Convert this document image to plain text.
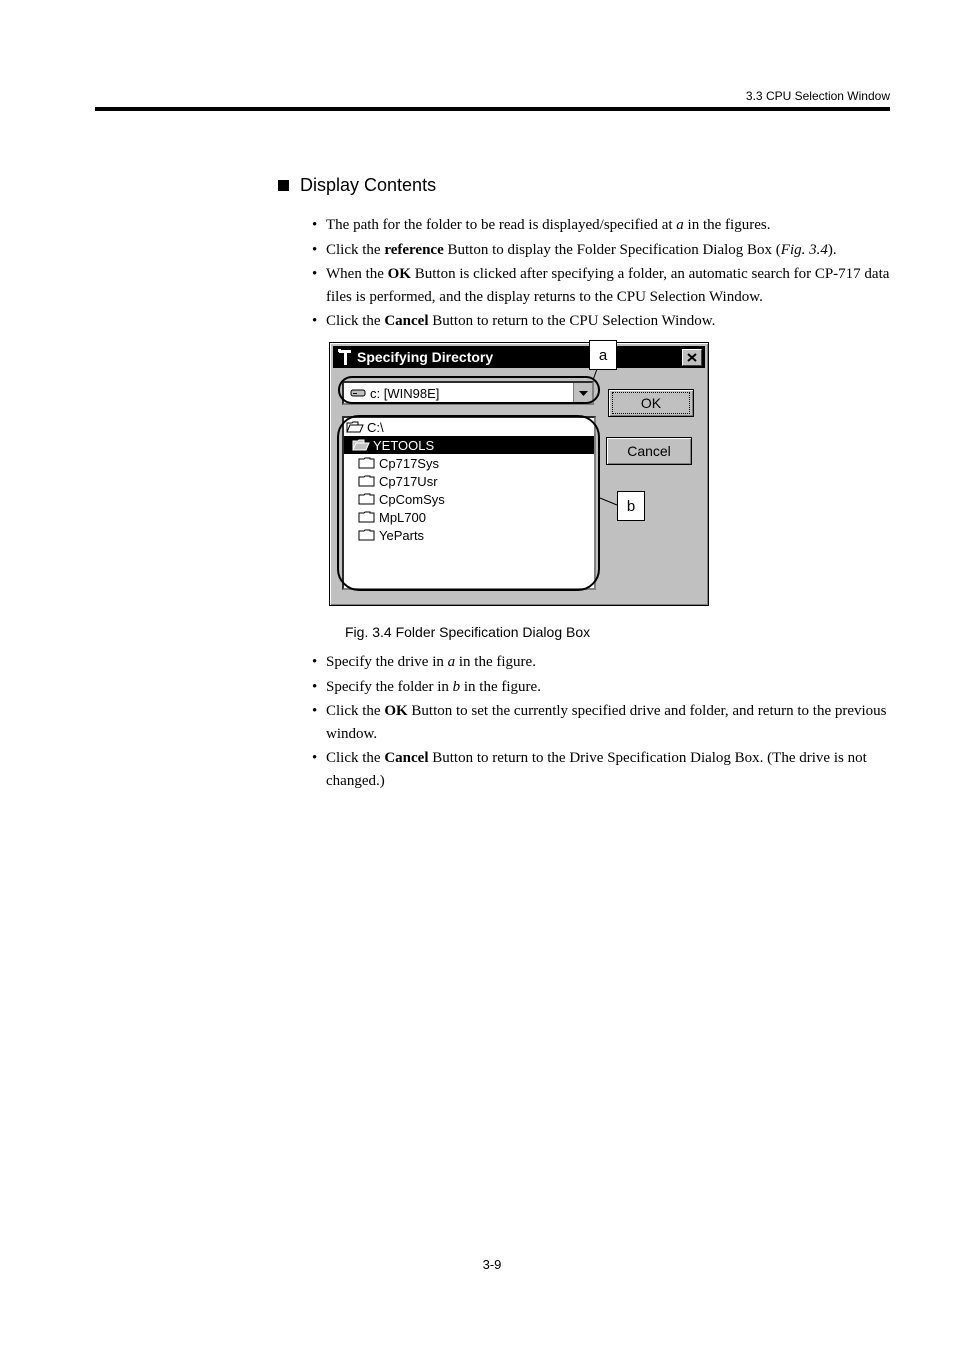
3.3 CPU Selection Window
Display Contents
• The path for the folder to be read is displayed/specified at a in the figures.
• Click the reference Button to display the Folder Specification Dialog Box (Fig. 3.4).
• When the OK Button is clicked after specifying a folder, an automatic search for CP-717 data files is performed, and the display returns to the CPU Selection Window.
• Click the Cancel Button to return to the CPU Selection Window.
Specifying Directory
c: [WIN98E]
OK
Cancel
C:\
YETOOLS
Cp717Sys
Cp717Usr
CpComSys
MpL700
YeParts
a
b
Fig. 3.4 Folder Specification Dialog Box
• Specify the drive in a in the figure.
• Specify the folder in b in the figure.
• Click the OK Button to set the currently specified drive and folder, and return to the previous window.
• Click the Cancel Button to return to the Drive Specification Dialog Box. (The drive is not changed.)
3-9
